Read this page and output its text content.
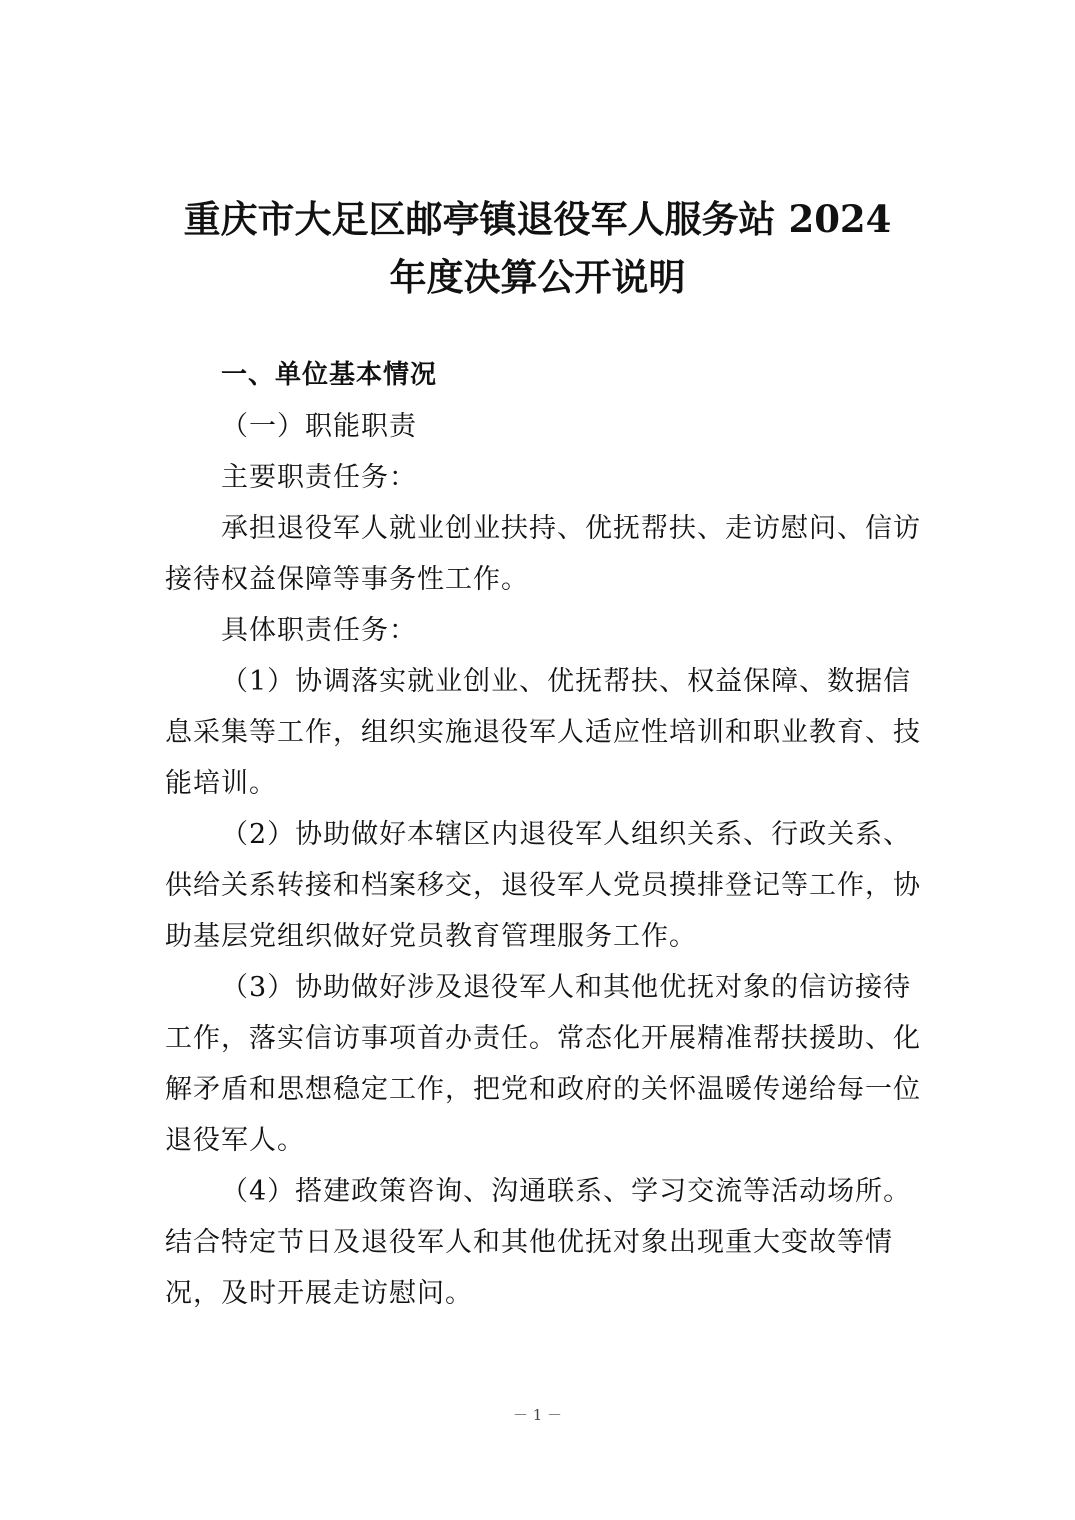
重庆市大足区邮亭镇退役军人服务站 2024
年度决算公开说明

一、单位基本情况

（一）职能职责

主要职责任务：

承担退役军人就业创业扶持、优抚帮扶、走访慰问、信访接待权益保障等事务性工作。

具体职责任务：

（1）协调落实就业创业、优抚帮扶、权益保障、数据信息采集等工作，组织实施退役军人适应性培训和职业教育、技能培训。

（2）协助做好本辖区内退役军人组织关系、行政关系、供给关系转接和档案移交，退役军人党员摸排登记等工作，协助基层党组织做好党员教育管理服务工作。

（3）协助做好涉及退役军人和其他优抚对象的信访接待工作，落实信访事项首办责任。常态化开展精准帮扶援助、化解矛盾和思想稳定工作，把党和政府的关怀温暖传递给每一位退役军人。

（4）搭建政策咨询、沟通联系、学习交流等活动场所。结合特定节日及退役军人和其他优抚对象出现重大变故等情况，及时开展走访慰问。

－ 1 －
